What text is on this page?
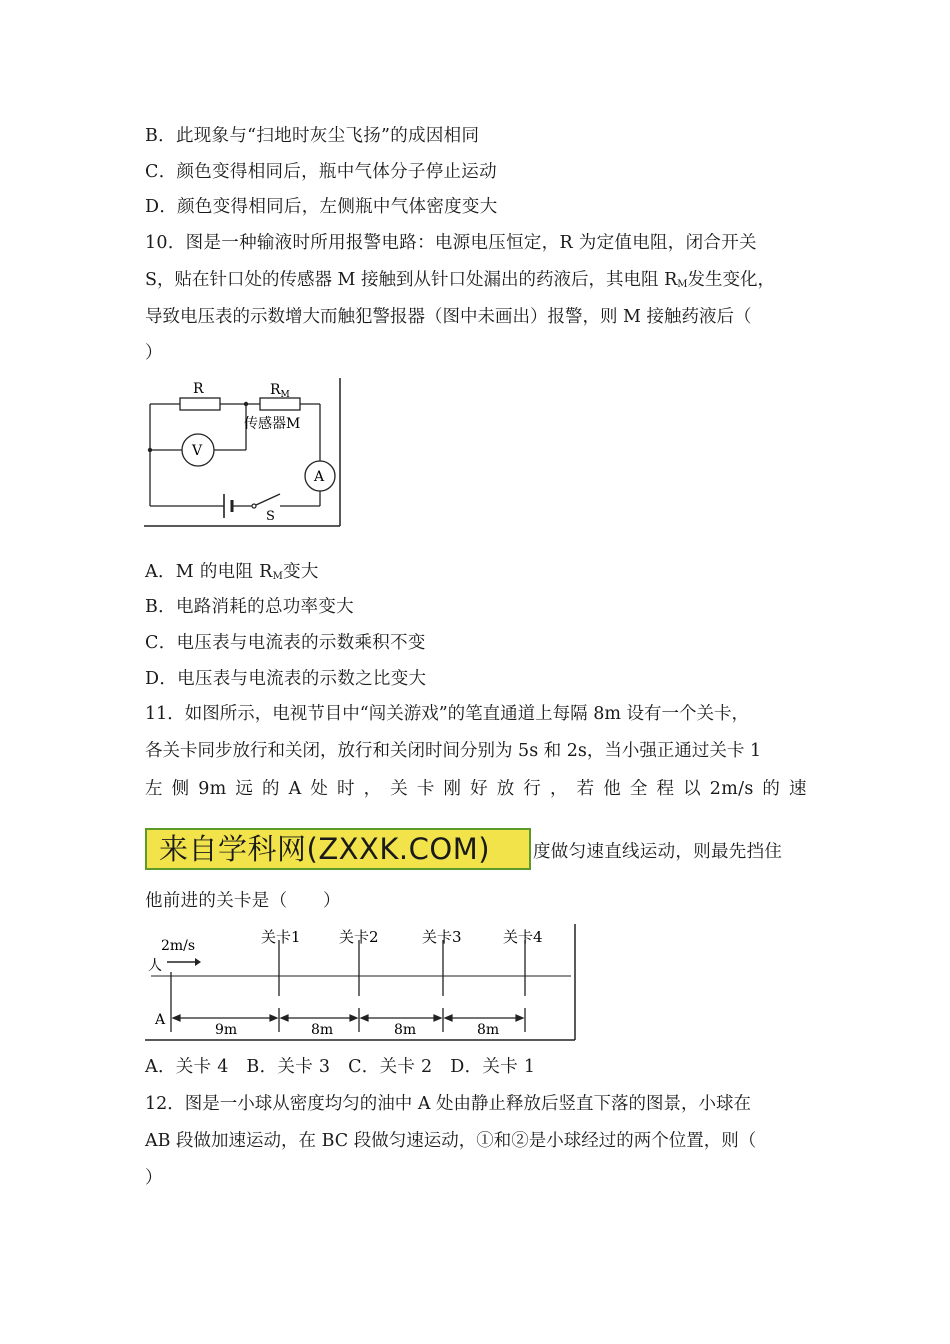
B．此现象与“扫地时灰尘飞扬”的成因相同
C．颜色变得相同后，瓶中气体分子停止运动
D．颜色变得相同后，左侧瓶中气体密度变大
10．图是一种输液时所用报警电路：电源电压恒定，R 为定值电阻，闭合开关
S，贴在针口处的传感器 M 接触到从针口处漏出的药液后，其电阻 $R_M$发生变化，
导致电压表的示数增大而触犯警报器（图中未画出）报警，则 M 接触药液后（
）
R	$R_M$
传感器M
V
A
S
A．M 的电阻 $R_M$变大
B．电路消耗的总功率变大
C．电压表与电流表的示数乘积不变
D．电压表与电流表的示数之比变大
11．如图所示，电视节目中“闯关游戏”的笔直通道上每隔 8m 设有一个关卡，
各关卡同步放行和关闭，放行和关闭时间分别为 5s 和 2s，当小强正通过关卡 1
左 侧 9m 远 的 A 处 时 ， 关 卡 刚 好 放 行 ， 若 他 全 程 以 2m/s 的 速
来自学科网(ZXXK.COM)	度做匀速直线运动，则最先挡住
他前进的关卡是（　　）
2m/s
人
A
关卡1	关卡2	关卡3	关卡4
9m	8m	8m	8m
A．关卡 4　B．关卡 3　C．关卡 2　D．关卡 1
12．图是一小球从密度均匀的油中 A 处由静止释放后竖直下落的图景，小球在
AB 段做加速运动，在 BC 段做匀速运动，①和②是小球经过的两个位置，则（
）
